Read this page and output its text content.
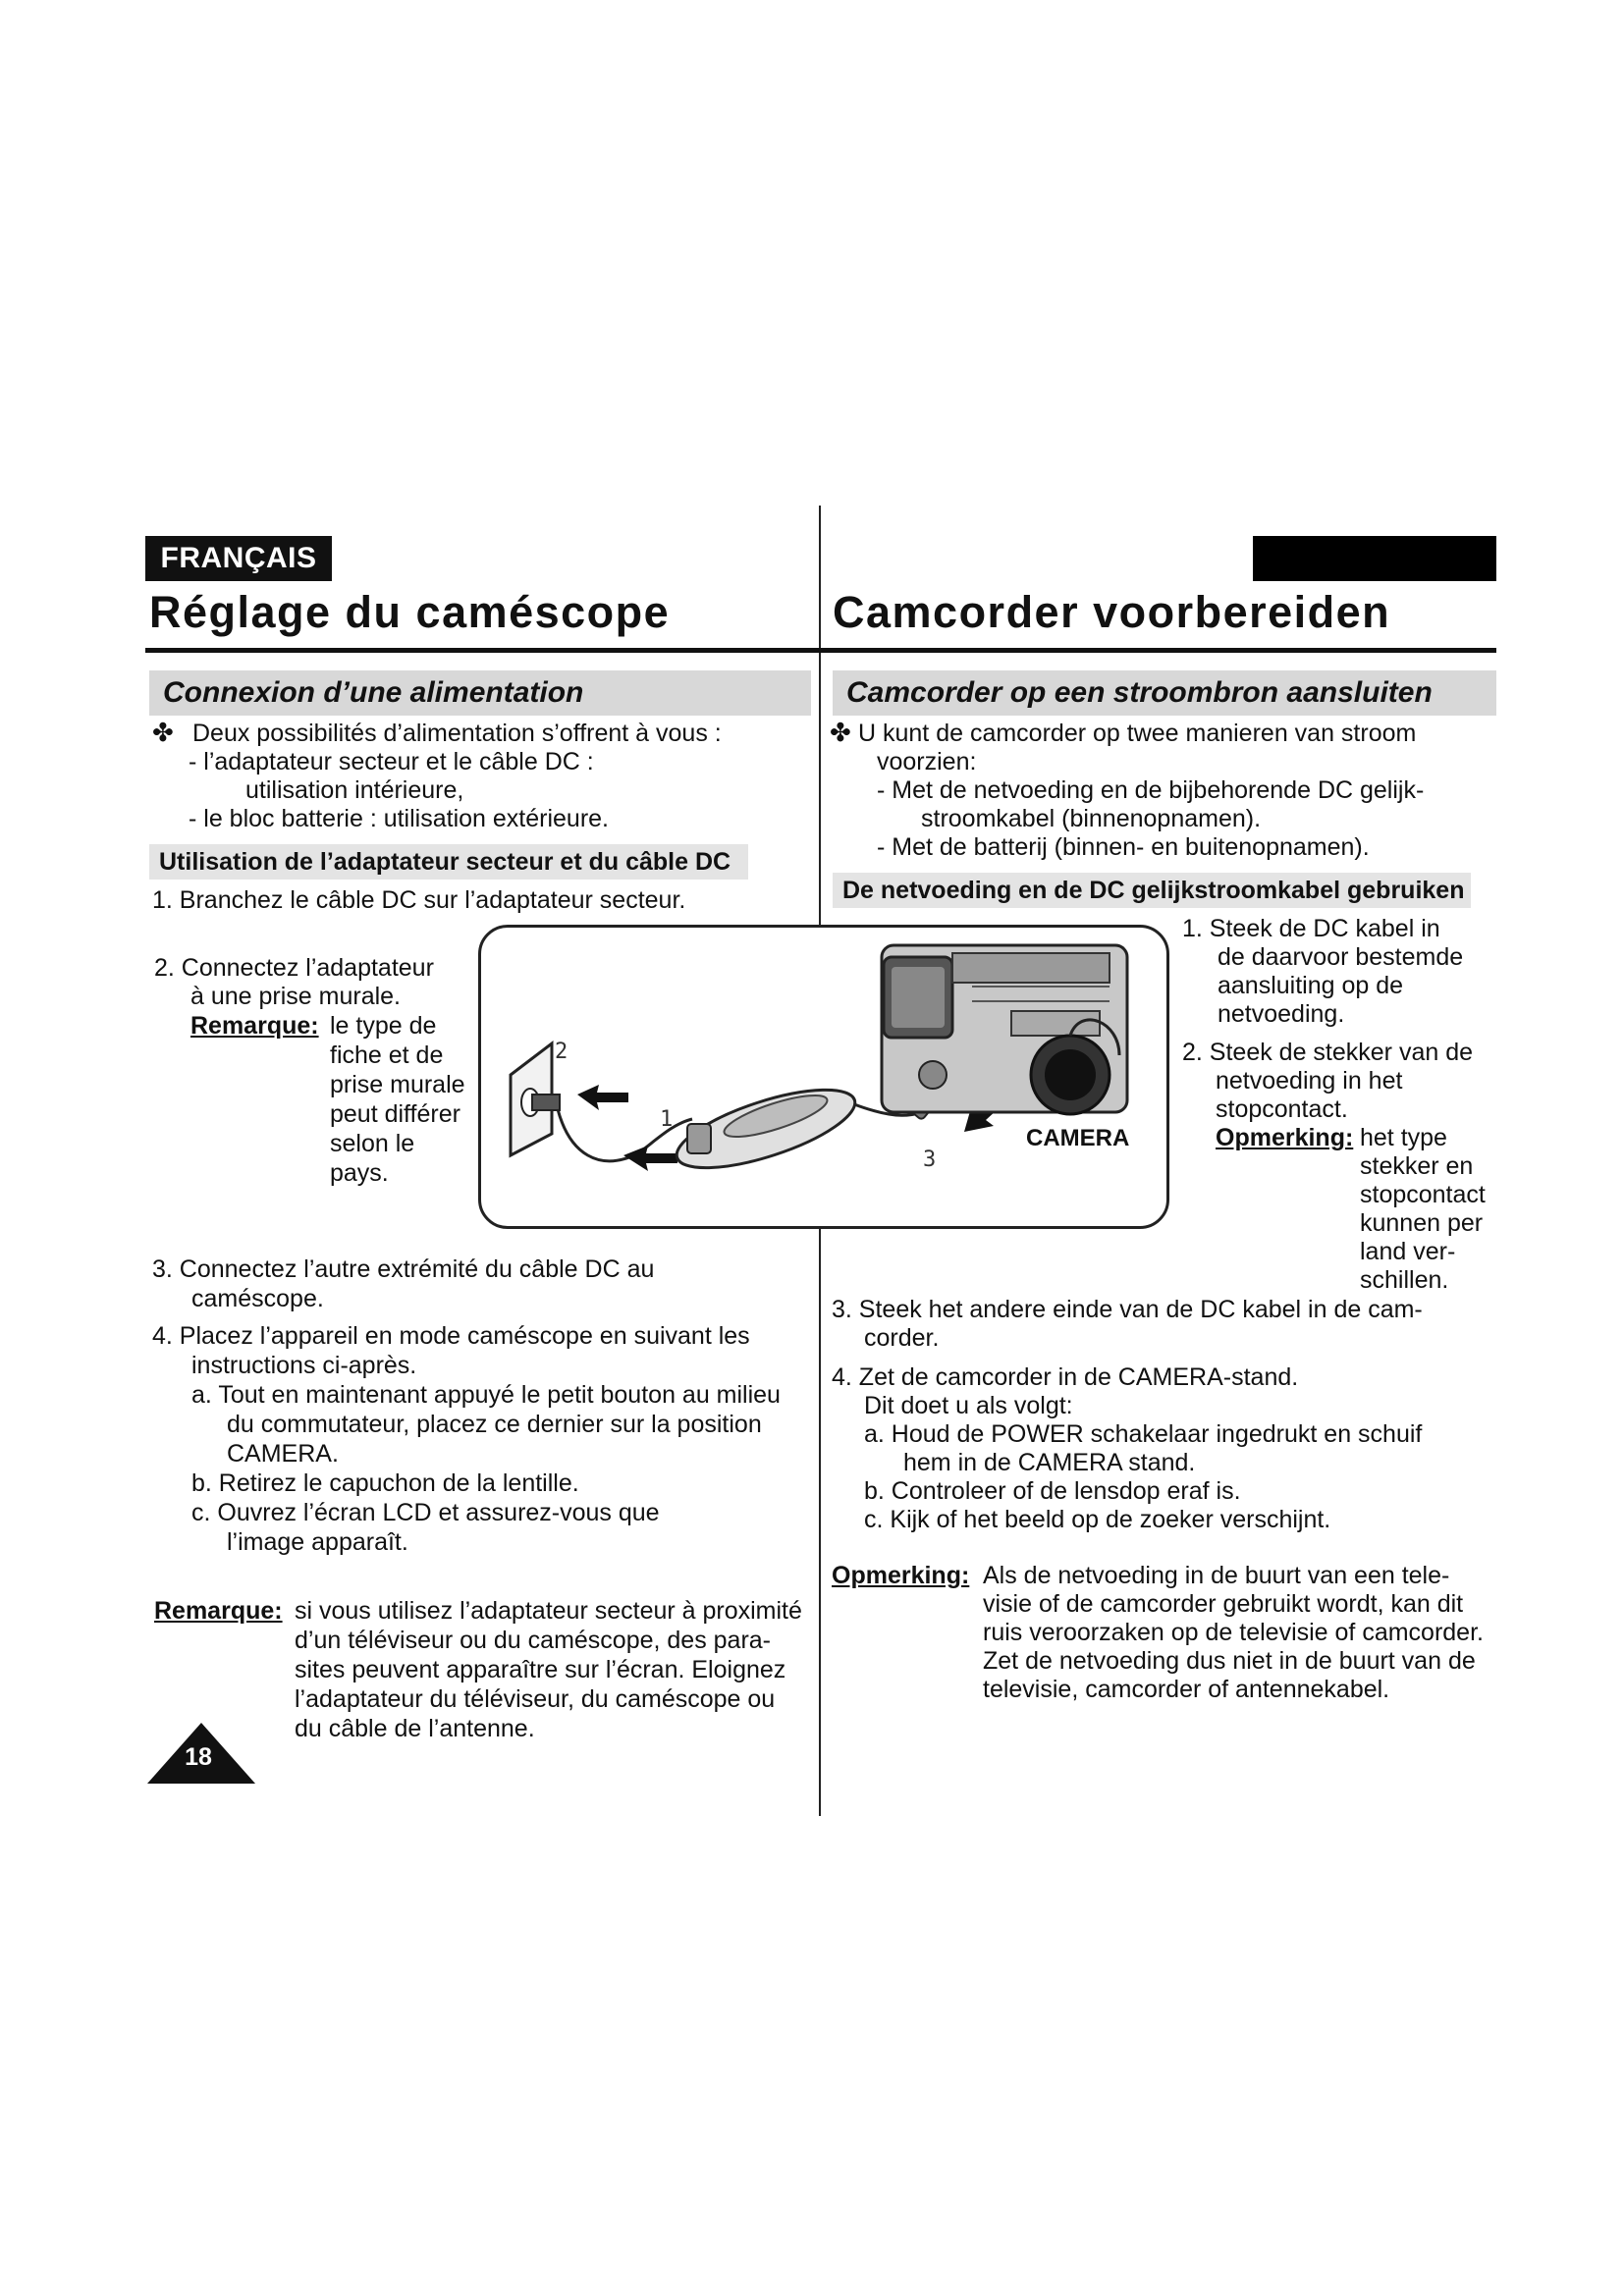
FRANÇAIS
Réglage du caméscope	Camcorder voorbereiden
Connexion d’une alimentation	Camcorder op een stroombron aansluiten
✤ Deux possibilités d’alimentation s’offrent à vous :
- l’adaptateur secteur et le câble DC :
utilisation intérieure,
- le bloc batterie : utilisation extérieure.
Utilisation de l’adaptateur secteur et du câble DC
1. Branchez le câble DC sur l’adaptateur secteur.
2. Connectez l’adaptateur
à une prise murale.
Remarque: le type de
fiche et de
prise murale
peut différer
selon le
pays.
3. Connectez l’autre extrémité du câble DC au
caméscope.
4. Placez l’appareil en mode caméscope en suivant les
instructions ci-après.
a. Tout en maintenant appuyé le petit bouton au milieu
du commutateur, placez ce dernier sur la position
CAMERA.
b. Retirez le capuchon de la lentille.
c. Ouvrez l’écran LCD et assurez-vous que
l’image apparaît.
Remarque: si vous utilisez l’adaptateur secteur à proximité
d’un téléviseur ou du caméscope, des para-
sites peuvent apparaître sur l’écran. Eloignez
l’adaptateur du téléviseur, du caméscope ou
du câble de l’antenne.
18
✤ U kunt de camcorder op twee manieren van stroom
voorzien:
- Met de netvoeding en de bijbehorende DC gelijk-
stroomkabel (binnenopnamen).
- Met de batterij (binnen- en buitenopnamen).
De netvoeding en de DC gelijkstroomkabel gebruiken
1. Steek de DC kabel in
de daarvoor bestemde
aansluiting op de
netvoeding.
2. Steek de stekker van de
netvoeding in het
stopcontact.
Opmerking: het type
stekker en
stopcontact
kunnen per
land ver-
schillen.
3. Steek het andere einde van de DC kabel in de cam-
corder.
4. Zet de camcorder in de CAMERA-stand.
Dit doet u als volgt:
a. Houd de POWER schakelaar ingedrukt en schuif
hem in de CAMERA stand.
b. Controleer of de lensdop eraf is.
c. Kijk of het beeld op de zoeker verschijnt.
Opmerking: Als de netvoeding in de buurt van een tele-
visie of de camcorder gebruikt wordt, kan dit
ruis veroorzaken op de televisie of camcorder.
Zet de netvoeding dus niet in de buurt van de
televisie, camcorder of antennekabel.
2
1
3
CAMERA
